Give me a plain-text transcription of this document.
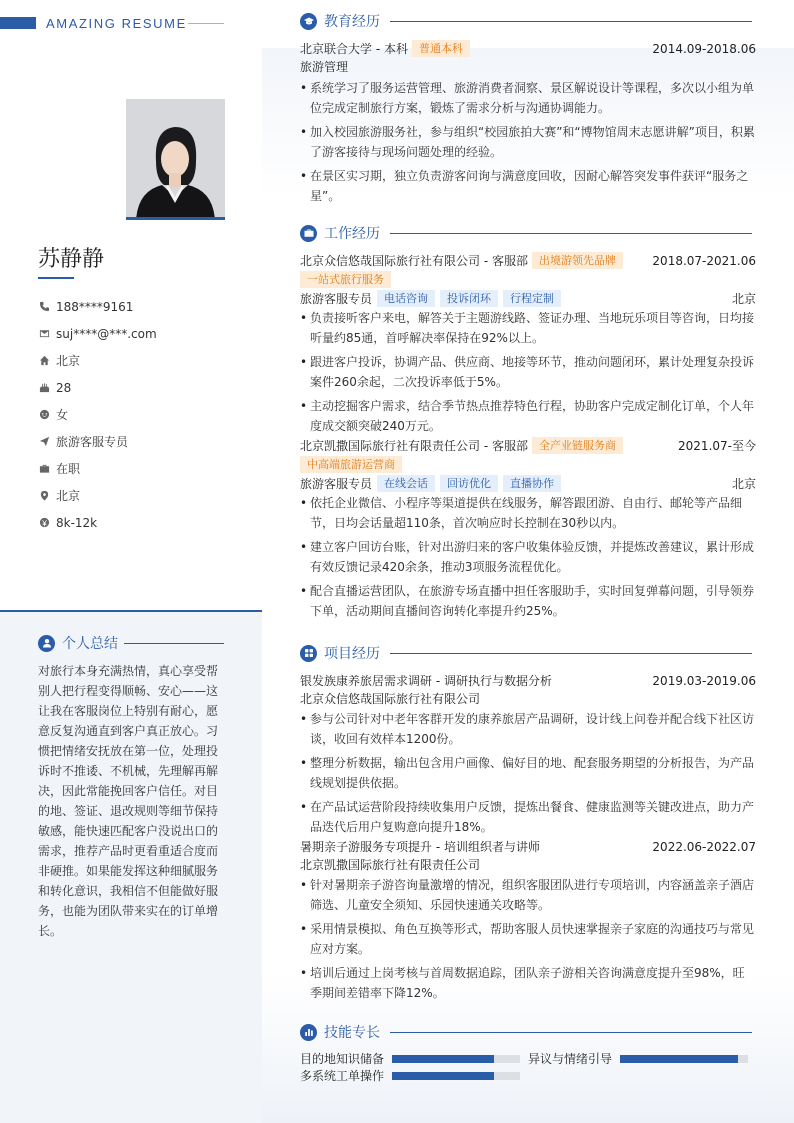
AMAZING RESUME
苏静静
188****9161
suj****@***.com
北京
28
女
旅游客服专员
在职
北京
8k-12k
个人总结
对旅行本身充满热情，真心享受帮别人把行程变得顺畅、安心——这让我在客服岗位上特别有耐心，愿意反复沟通直到客户真正放心。习惯把情绪安抚放在第一位，处理投诉时不推诿、不机械，先理解再解决，因此常能挽回客户信任。对目的地、签证、退改规则等细节保持敏感，能快速匹配客户没说出口的需求，推荐产品时更看重适合度而非硬推。如果能发挥这种细腻服务和转化意识，我相信不但能做好服务，也能为团队带来实在的订单增长。
教育经历
北京联合大学 - 本科	普通本科	2014.09-2018.06
旅游管理
• 系统学习了服务运营管理、旅游消费者洞察、景区解说设计等课程，多次以小组为单位完成定制旅行方案，锻炼了需求分析与沟通协调能力。
• 加入校园旅游服务社，参与组织“校园旅拍大赛”和“博物馆周末志愿讲解”项目，积累了游客接待与现场问题处理的经验。
• 在景区实习期，独立负责游客问询与满意度回收，因耐心解答突发事件获评“服务之星”。
工作经历
北京众信悠哉国际旅行社有限公司 - 客服部	出境游领先品牌	2018.07-2021.06
一站式旅行服务
旅游客服专员	电话咨询	投诉闭环	行程定制	北京
• 负责接听客户来电，解答关于主题游线路、签证办理、当地玩乐项目等咨询，日均接听量约85通，首呼解决率保持在92%以上。
• 跟进客户投诉，协调产品、供应商、地接等环节，推动问题闭环，累计处理复杂投诉案件260余起，二次投诉率低于5%。
• 主动挖掘客户需求，结合季节热点推荐特色行程，协助客户完成定制化订单，个人年度成交额突破240万元。
北京凯撒国际旅行社有限责任公司 - 客服部	全产业链服务商	2021.07-至今
中高端旅游运营商
旅游客服专员	在线会话	回访优化	直播协作	北京
• 依托企业微信、小程序等渠道提供在线服务，解答跟团游、自由行、邮轮等产品细节，日均会话量超110条，首次响应时长控制在30秒以内。
• 建立客户回访台账，针对出游归来的客户收集体验反馈，并提炼改善建议，累计形成有效反馈记录420余条，推动3项服务流程优化。
• 配合直播运营团队，在旅游专场直播中担任客服助手，实时回复弹幕问题，引导领券下单，活动期间直播间咨询转化率提升约25%。
项目经历
银发族康养旅居需求调研 - 调研执行与数据分析	2019.03-2019.06
北京众信悠哉国际旅行社有限公司
• 参与公司针对中老年客群开发的康养旅居产品调研，设计线上问卷并配合线下社区访谈，收回有效样本1200份。
• 整理分析数据，输出包含用户画像、偏好目的地、配套服务期望的分析报告，为产品线规划提供依据。
• 在产品试运营阶段持续收集用户反馈，提炼出餐食、健康监测等关键改进点，助力产品迭代后用户复购意向提升18%。
暑期亲子游服务专项提升 - 培训组织者与讲师	2022.06-2022.07
北京凯撒国际旅行社有限责任公司
• 针对暑期亲子游咨询量激增的情况，组织客服团队进行专项培训，内容涵盖亲子酒店筛选、儿童安全须知、乐园快速通关攻略等。
• 采用情景模拟、角色互换等形式，帮助客服人员快速掌握亲子家庭的沟通技巧与常见应对方案。
• 培训后通过上岗考核与首周数据追踪，团队亲子游相关咨询满意度提升至98%，旺季期间差错率下降12%。
技能专长
目的地知识储备	异议与情绪引导
多系统工单操作
